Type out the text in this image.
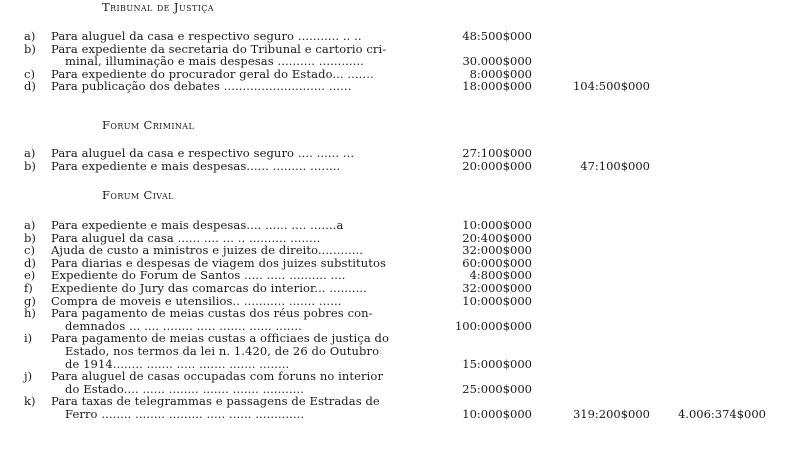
Tribunal de Justiça
a) Para aluguel da casa e respectivo seguro ........... .. ..	48:500$000
b) Para expediente da secretaria do Tribunal e cartorio cri-
minal, illuminação e mais despesas .......... ............	30.000$000
c) Para expediente do procurador geral do Estado... .......	8:000$000
d) Para publicação dos debates ........................... ......	18:000$000	104:500$000
Forum Criminal
a) Para aluguel da casa e respectivo seguro .... ...... ...	27:100$000
b) Para expediente e mais despesas...... ......... ........	20:000$000	47:100$000
Forum Cival
a) Para expediente e mais despesas.... ...... .... .......a	10:000$000
b) Para aluguel da casa ...... .... ... .. .......... ........	20:400$000
c) Ajuda de custo a ministros e juizes de direito............	32:000$000
d) Para diarias e despesas de viagem dos juizes substitutos	60:000$000
e) Expediente do Forum de Santos ..... ..... .......... ....	4:800$000
f) Expediente do Jury das comarcas do interior... ..........	32:000$000
g) Compra de moveis e utensilios.. ........... ....... ......	10:000$000
h) Para pagamento de meias custas dos réus pobres con-
demnados ... .... ........ ..... ....... ...... .......	100:000$000
i) Para pagamento de meias custas a officiaes de justiça do
Estado, nos termos da lei n. 1.420, de 26 do Outubro
de 1914........ ....... ..... ....... ....... ........	15:000$000
j) Para aluguel de casas occupadas com foruns no interior
do Estado.... ...... ........ ....... ....... ...........	25:000$000
k) Para taxas de telegrammas e passagens de Estradas de
Ferro ........ ........ ......... ..... ...... .............	10:000$000	319:200$000 4.006:374$000
